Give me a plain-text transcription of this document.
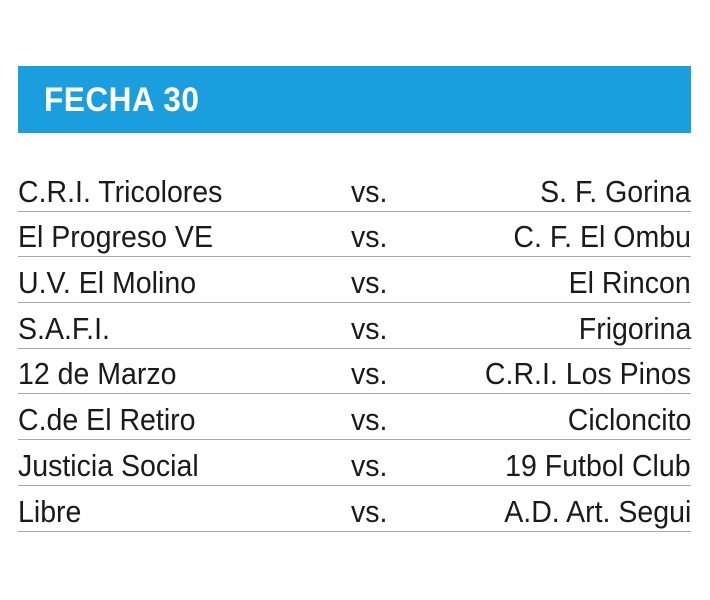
FECHA 30
C.R.I. Tricolores	vs.	S. F. Gorina
El Progreso VE	vs.	C. F. El Ombu
U.V. El Molino	vs.	El Rincon
S.A.F.I.	vs.	Frigorina
12 de Marzo	vs.	C.R.I. Los Pinos
C.de El Retiro	vs.	Cicloncito
Justicia Social	vs.	19 Futbol Club
Libre	vs.	A.D. Art. Segui
